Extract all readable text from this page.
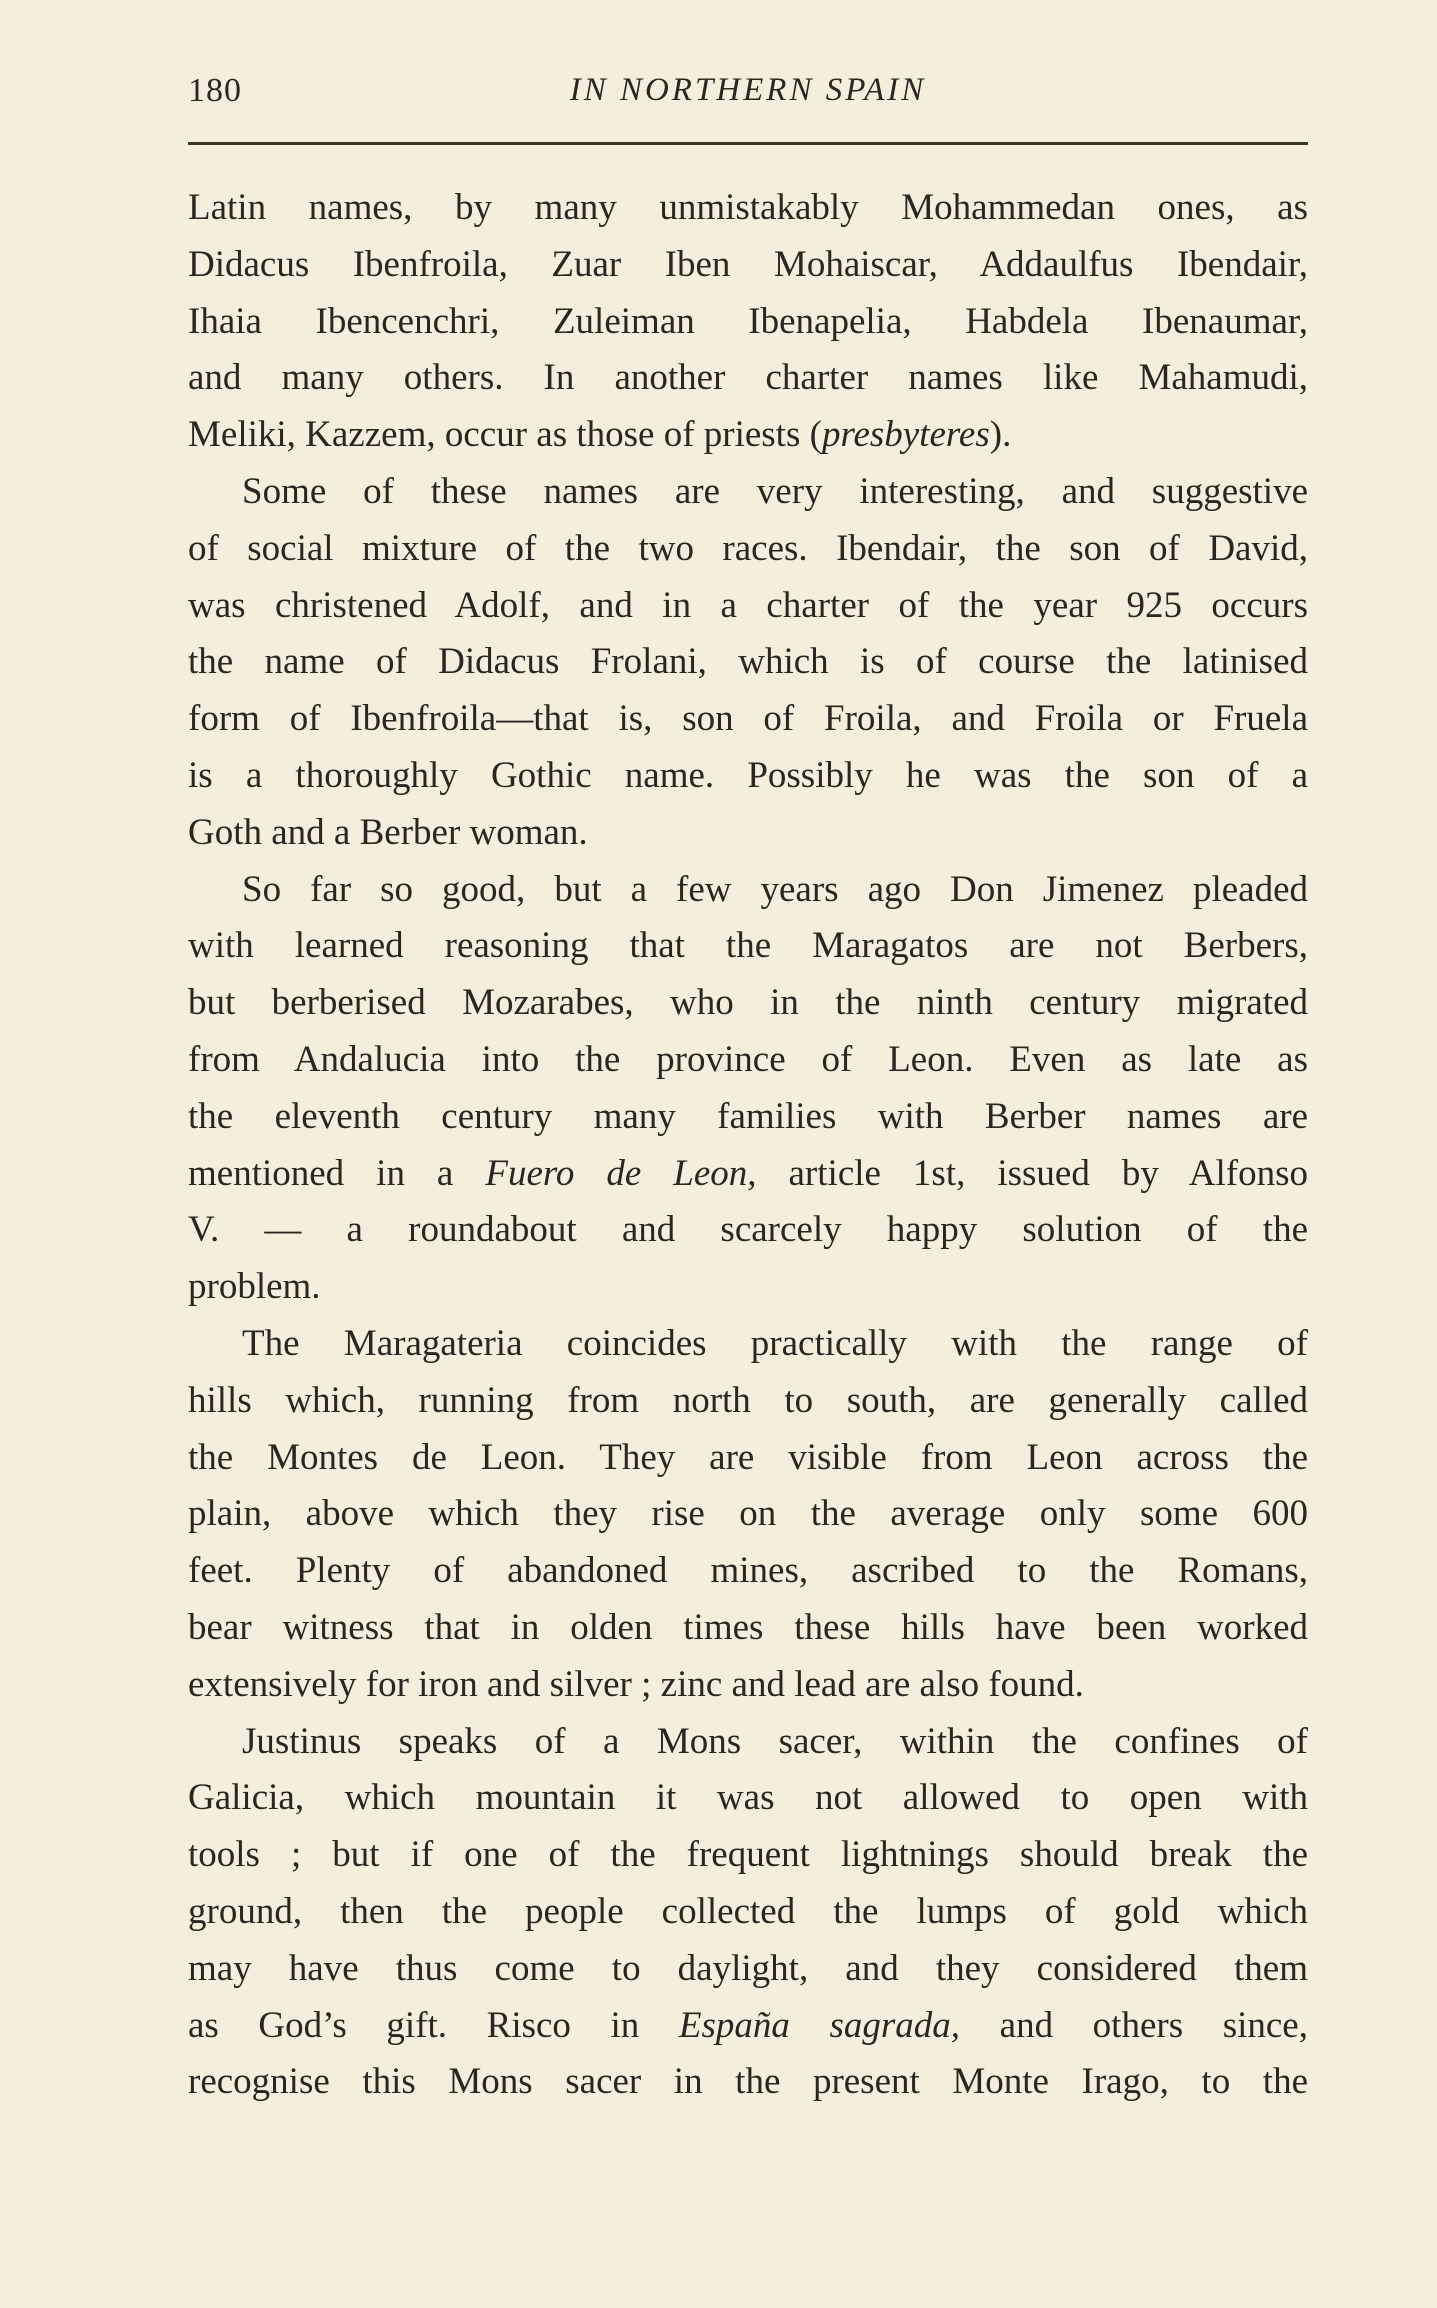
180	IN NORTHERN SPAIN
Latin names, by many unmistakably Mohammedan ones, as
Didacus Ibenfroila, Zuar Iben Mohaiscar, Addaulfus Ibendair,
Ihaia Ibencenchri, Zuleiman Ibenapelia, Habdela Ibenaumar,
and many others. In another charter names like Mahamudi,
Meliki, Kazzem, occur as those of priests (presbyteres).
Some of these names are very interesting, and suggestive
of social mixture of the two races. Ibendair, the son of David,
was christened Adolf, and in a charter of the year 925 occurs
the name of Didacus Frolani, which is of course the latinised
form of Ibenfroila—that is, son of Froila, and Froila or Fruela
is a thoroughly Gothic name. Possibly he was the son of a
Goth and a Berber woman.
So far so good, but a few years ago Don Jimenez pleaded
with learned reasoning that the Maragatos are not Berbers,
but berberised Mozarabes, who in the ninth century migrated
from Andalucia into the province of Leon. Even as late as
the eleventh century many families with Berber names are
mentioned in a Fuero de Leon, article 1st, issued by Alfonso
V. — a roundabout and scarcely happy solution of the
problem.
The Maragateria coincides practically with the range of
hills which, running from north to south, are generally called
the Montes de Leon. They are visible from Leon across the
plain, above which they rise on the average only some 600
feet. Plenty of abandoned mines, ascribed to the Romans,
bear witness that in olden times these hills have been worked
extensively for iron and silver ; zinc and lead are also found.
Justinus speaks of a Mons sacer, within the confines of
Galicia, which mountain it was not allowed to open with
tools ; but if one of the frequent lightnings should break the
ground, then the people collected the lumps of gold which
may have thus come to daylight, and they considered them
as God’s gift. Risco in España sagrada, and others since,
recognise this Mons sacer in the present Monte Irago, to the
